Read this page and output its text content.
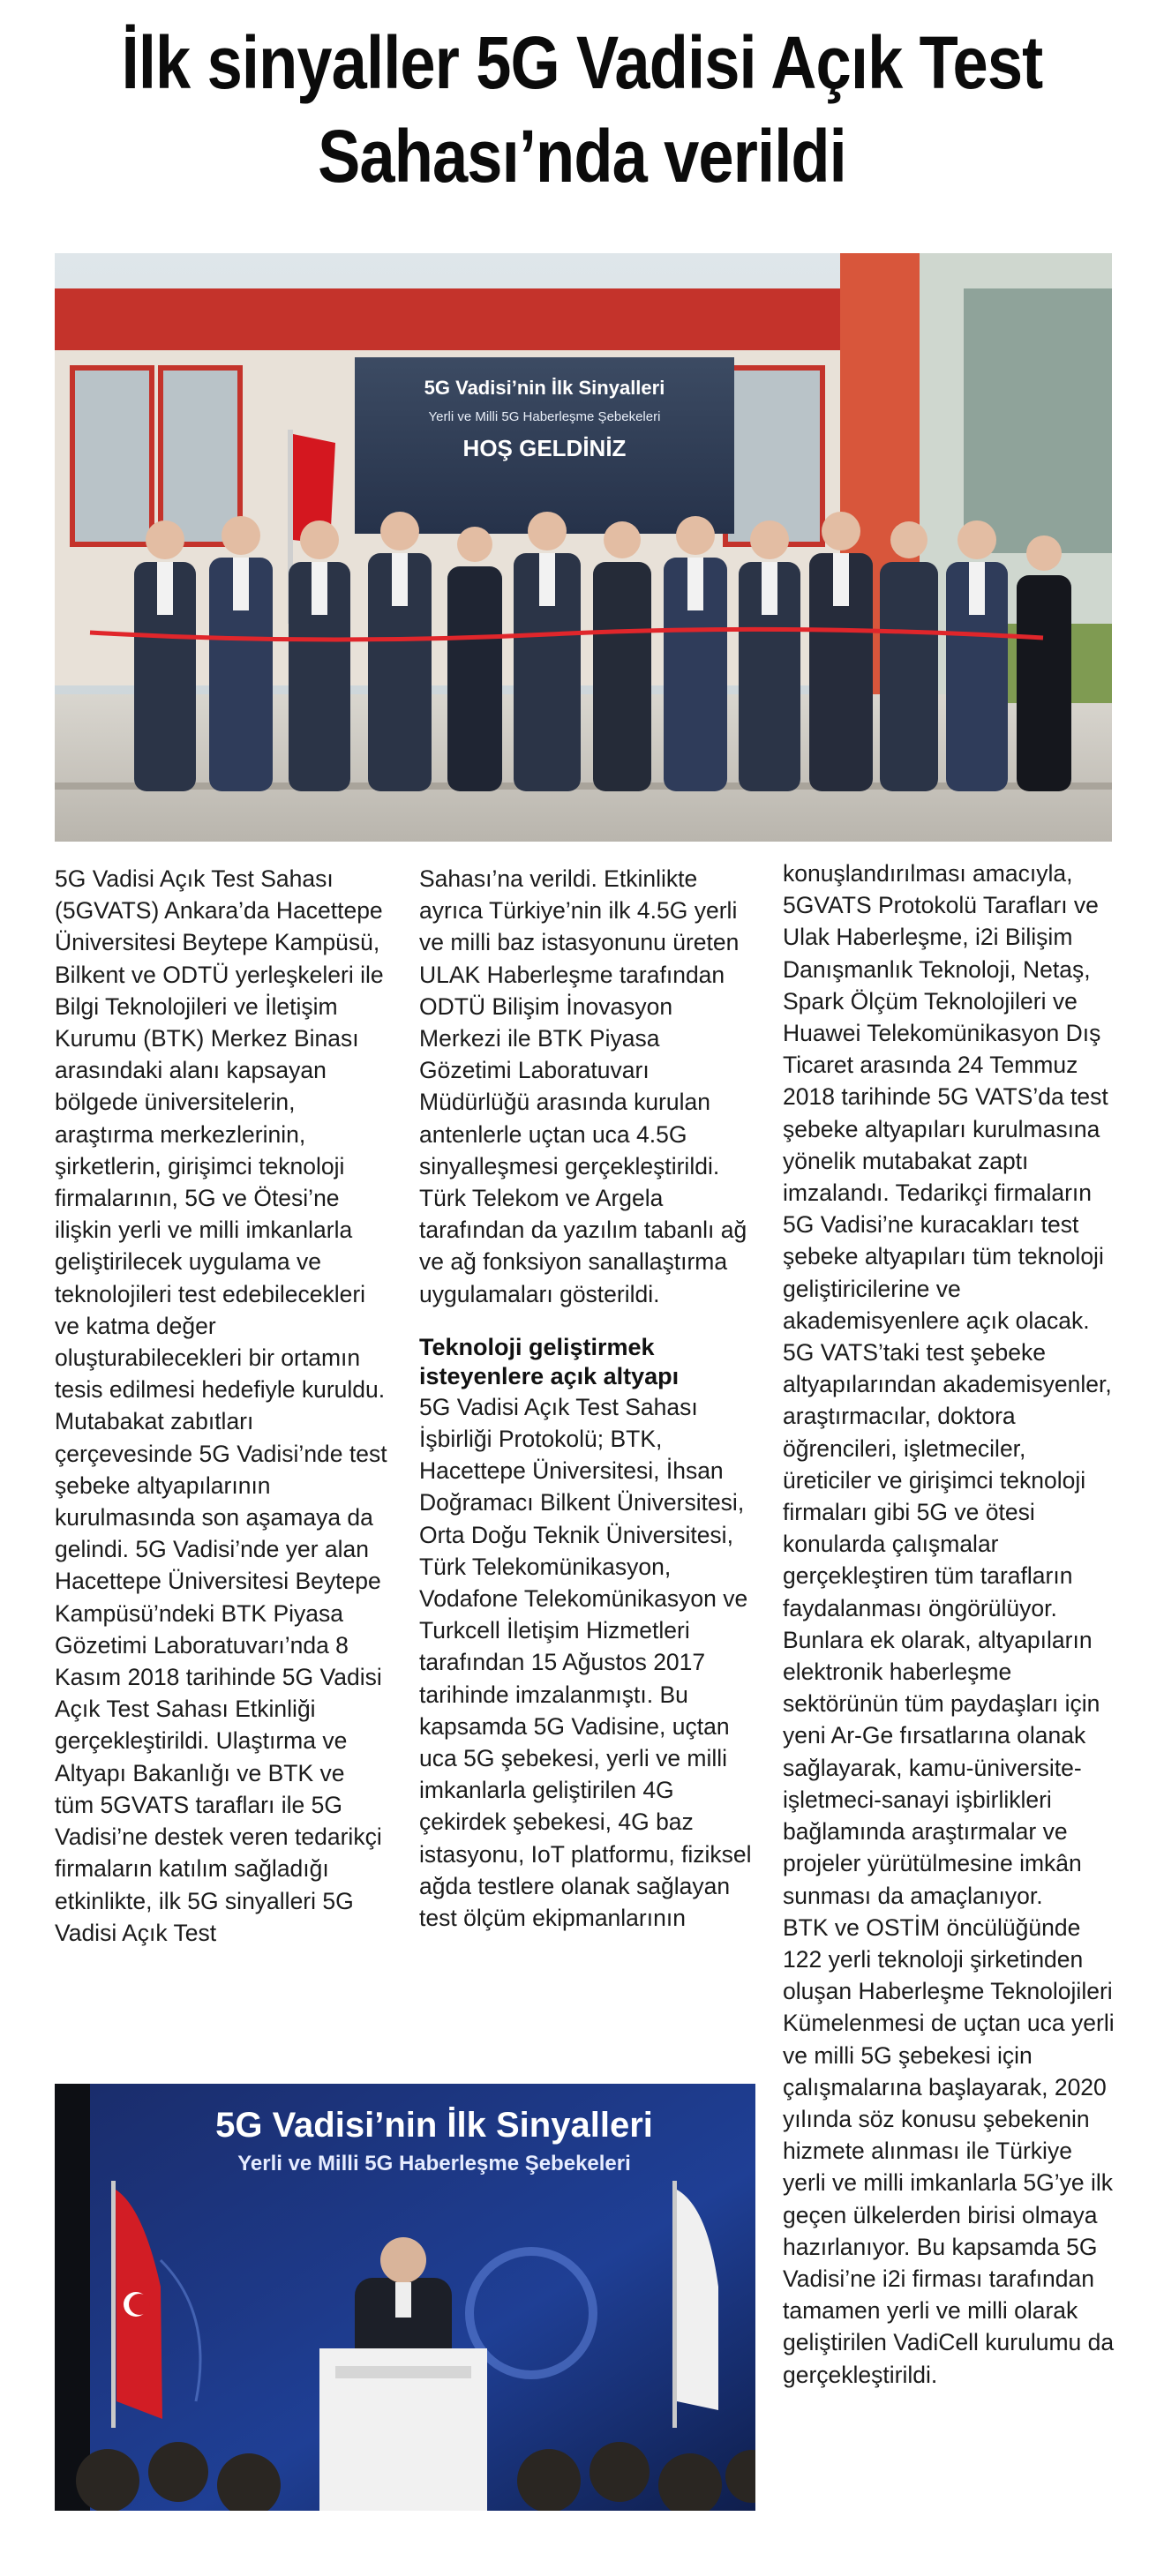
İlk sinyaller 5G Vadisi Açık Test
Sahası’nda verildi
5G Vadisi’nin İlk Sinyalleri
Yerli ve Milli 5G Haberleşme Şebekeleri
HOŞ GELDİNİZ

5G Vadisi Açık Test Sahası (5GVATS) Ankara’da Hacettepe Üniversitesi Beytepe Kampüsü, Bilkent ve ODTÜ yerleşkeleri ile Bilgi Teknolojileri ve İletişim Kurumu (BTK) Merkez Binası arasındaki alanı kapsayan bölgede üniversitelerin, araştırma merkezlerinin, şirketlerin, girişimci teknoloji firmalarının, 5G ve Ötesi’ne ilişkin yerli ve milli imkanlarla geliştirilecek uygulama ve teknolojileri test edebilecekleri ve katma değer oluşturabilecekleri bir ortamın tesis edilmesi hedefiyle kuruldu.

Mutabakat zabıtları çerçevesinde 5G Vadisi’nde test şebeke altyapılarının kurulmasında son aşamaya da gelindi. 5G Vadisi’nde yer alan Hacettepe Üniversitesi Beytepe Kampüsü’ndeki BTK Piyasa Gözetimi Laboratuvarı’nda 8 Kasım 2018 tarihinde 5G Vadisi Açık Test Sahası Etkinliği gerçekleştirildi. Ulaştırma ve Altyapı Bakanlığı ve BTK ve tüm 5GVATS tarafları ile 5G Vadisi’ne destek veren tedarikçi firmaların katılım sağladığı etkinlikte, ilk 5G sinyalleri 5G Vadisi Açık Test

Sahası’na verildi. Etkinlikte ayrıca Türkiye’nin ilk 4.5G yerli ve milli baz istasyonunu üreten ULAK Haberleşme tarafından ODTÜ Bilişim İnovasyon Merkezi ile BTK Piyasa Gözetimi Laboratuvarı Müdürlüğü arasında kurulan antenlerle uçtan uca 4.5G sinyalleşmesi gerçekleştirildi. Türk Telekom ve Argela tarafından da yazılım tabanlı ağ ve ağ fonksiyon sanallaştırma uygulamaları gösterildi.

Teknoloji geliştirmek isteyenlere açık altyapı

5G Vadisi Açık Test Sahası İşbirliği Protokolü; BTK, Hacettepe Üniversitesi, İhsan Doğramacı Bilkent Üniversitesi, Orta Doğu Teknik Üniversitesi, Türk Telekomünikasyon, Vodafone Telekomünikasyon ve Turkcell İletişim Hizmetleri tarafından 15 Ağustos 2017 tarihinde imzalanmıştı. Bu kapsamda 5G Vadisine, uçtan uca 5G şebekesi, yerli ve milli imkanlarla geliştirilen 4G çekirdek şebekesi, 4G baz istasyonu, IoT platformu, fiziksel ağda testlere olanak sağlayan test ölçüm ekipmanlarının

konuşlandırılması amacıyla, 5GVATS Protokolü Tarafları ve Ulak Haberleşme, i2i Bilişim Danışmanlık Teknoloji, Netaş, Spark Ölçüm Teknolojileri ve Huawei Telekomünikasyon Dış Ticaret arasında 24 Temmuz 2018 tarihinde 5G VATS’da test şebeke altyapıları kurulmasına yönelik mutabakat zaptı imzalandı. Tedarikçi firmaların 5G Vadisi’ne kuracakları test şebeke altyapıları tüm teknoloji geliştiricilerine ve akademisyenlere açık olacak. 5G VATS’taki test şebeke altyapılarından akademisyenler, araştırmacılar, doktora öğrencileri, işletmeciler, üreticiler ve girişimci teknoloji firmaları gibi 5G ve ötesi konularda çalışmalar gerçekleştiren tüm tarafların faydalanması öngörülüyor. Bunlara ek olarak, altyapıların elektronik haberleşme sektörünün tüm paydaşları için yeni Ar-Ge fırsatlarına olanak sağlayarak, kamu-üniversite-işletmeci-sanayi işbirlikleri bağlamında araştırmalar ve projeler yürütülmesine imkân sunması da amaçlanıyor.

BTK ve OSTİM öncülüğünde 122 yerli teknoloji şirketinden oluşan Haberleşme Teknolojileri Kümelenmesi de uçtan uca yerli ve milli 5G şebekesi için çalışmalarına başlayarak, 2020 yılında söz konusu şebekenin hizmete alınması ile Türkiye yerli ve milli imkanlarla 5G’ye ilk geçen ülkelerden birisi olmaya hazırlanıyor. Bu kapsamda 5G Vadisi’ne i2i firması tarafından tamamen yerli ve milli olarak geliştirilen VadiCell kurulumu da gerçekleştirildi.

5G Vadisi’nin İlk Sinyalleri
Yerli ve Milli 5G Haberleşme Şebekeleri
